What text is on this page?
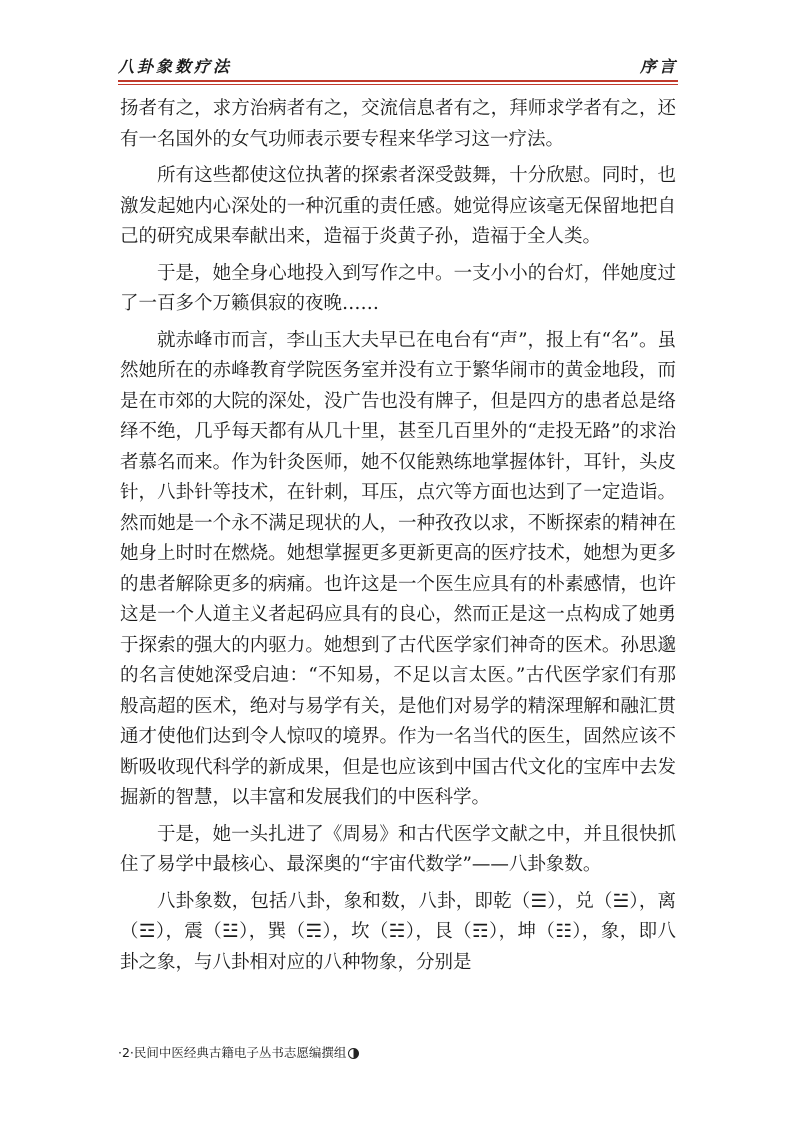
八卦象数疗法	序言

扬者有之，求方治病者有之，交流信息者有之，拜师求学者有之，还有一名国外的女气功师表示要专程来华学习这一疗法。

所有这些都使这位执著的探索者深受鼓舞，十分欣慰。同时，也激发起她内心深处的一种沉重的责任感。她觉得应该毫无保留地把自己的研究成果奉献出来，造福于炎黄子孙，造福于全人类。

于是，她全身心地投入到写作之中。一支小小的台灯，伴她度过了一百多个万籁俱寂的夜晚……

就赤峰市而言，李山玉大夫早已在电台有“声”，报上有“名”。虽然她所在的赤峰教育学院医务室并没有立于繁华闹市的黄金地段，而是在市郊的大院的深处，没广告也没有牌子，但是四方的患者总是络绎不绝，几乎每天都有从几十里，甚至几百里外的“走投无路”的求治者慕名而来。作为针灸医师，她不仅能熟练地掌握体针，耳针，头皮针，八卦针等技术，在针刺，耳压，点穴等方面也达到了一定造诣。然而她是一个永不满足现状的人，一种孜孜以求，不断探索的精神在她身上时时在燃烧。她想掌握更多更新更高的医疗技术，她想为更多的患者解除更多的病痛。也许这是一个医生应具有的朴素感情，也许这是一个人道主义者起码应具有的良心，然而正是这一点构成了她勇于探索的强大的内驱力。她想到了古代医学家们神奇的医术。孙思邈的名言使她深受启迪：“不知易，不足以言太医。”古代医学家们有那般高超的医术，绝对与易学有关，是他们对易学的精深理解和融汇贯通才使他们达到令人惊叹的境界。作为一名当代的医生，固然应该不断吸收现代科学的新成果，但是也应该到中国古代文化的宝库中去发掘新的智慧，以丰富和发展我们的中医科学。

于是，她一头扎进了《周易》和古代医学文献之中，并且很快抓住了易学中最核心、最深奥的“宇宙代数学”——八卦象数。

八卦象数，包括八卦，象和数，八卦，即乾（☰），兑（☱），离（☲），震（☳），巽（☴），坎（☵），艮（☶），坤（☷），象，即八卦之象，与八卦相对应的八种物象，分别是

·2·民间中医经典古籍电子丛书志愿编撰组
